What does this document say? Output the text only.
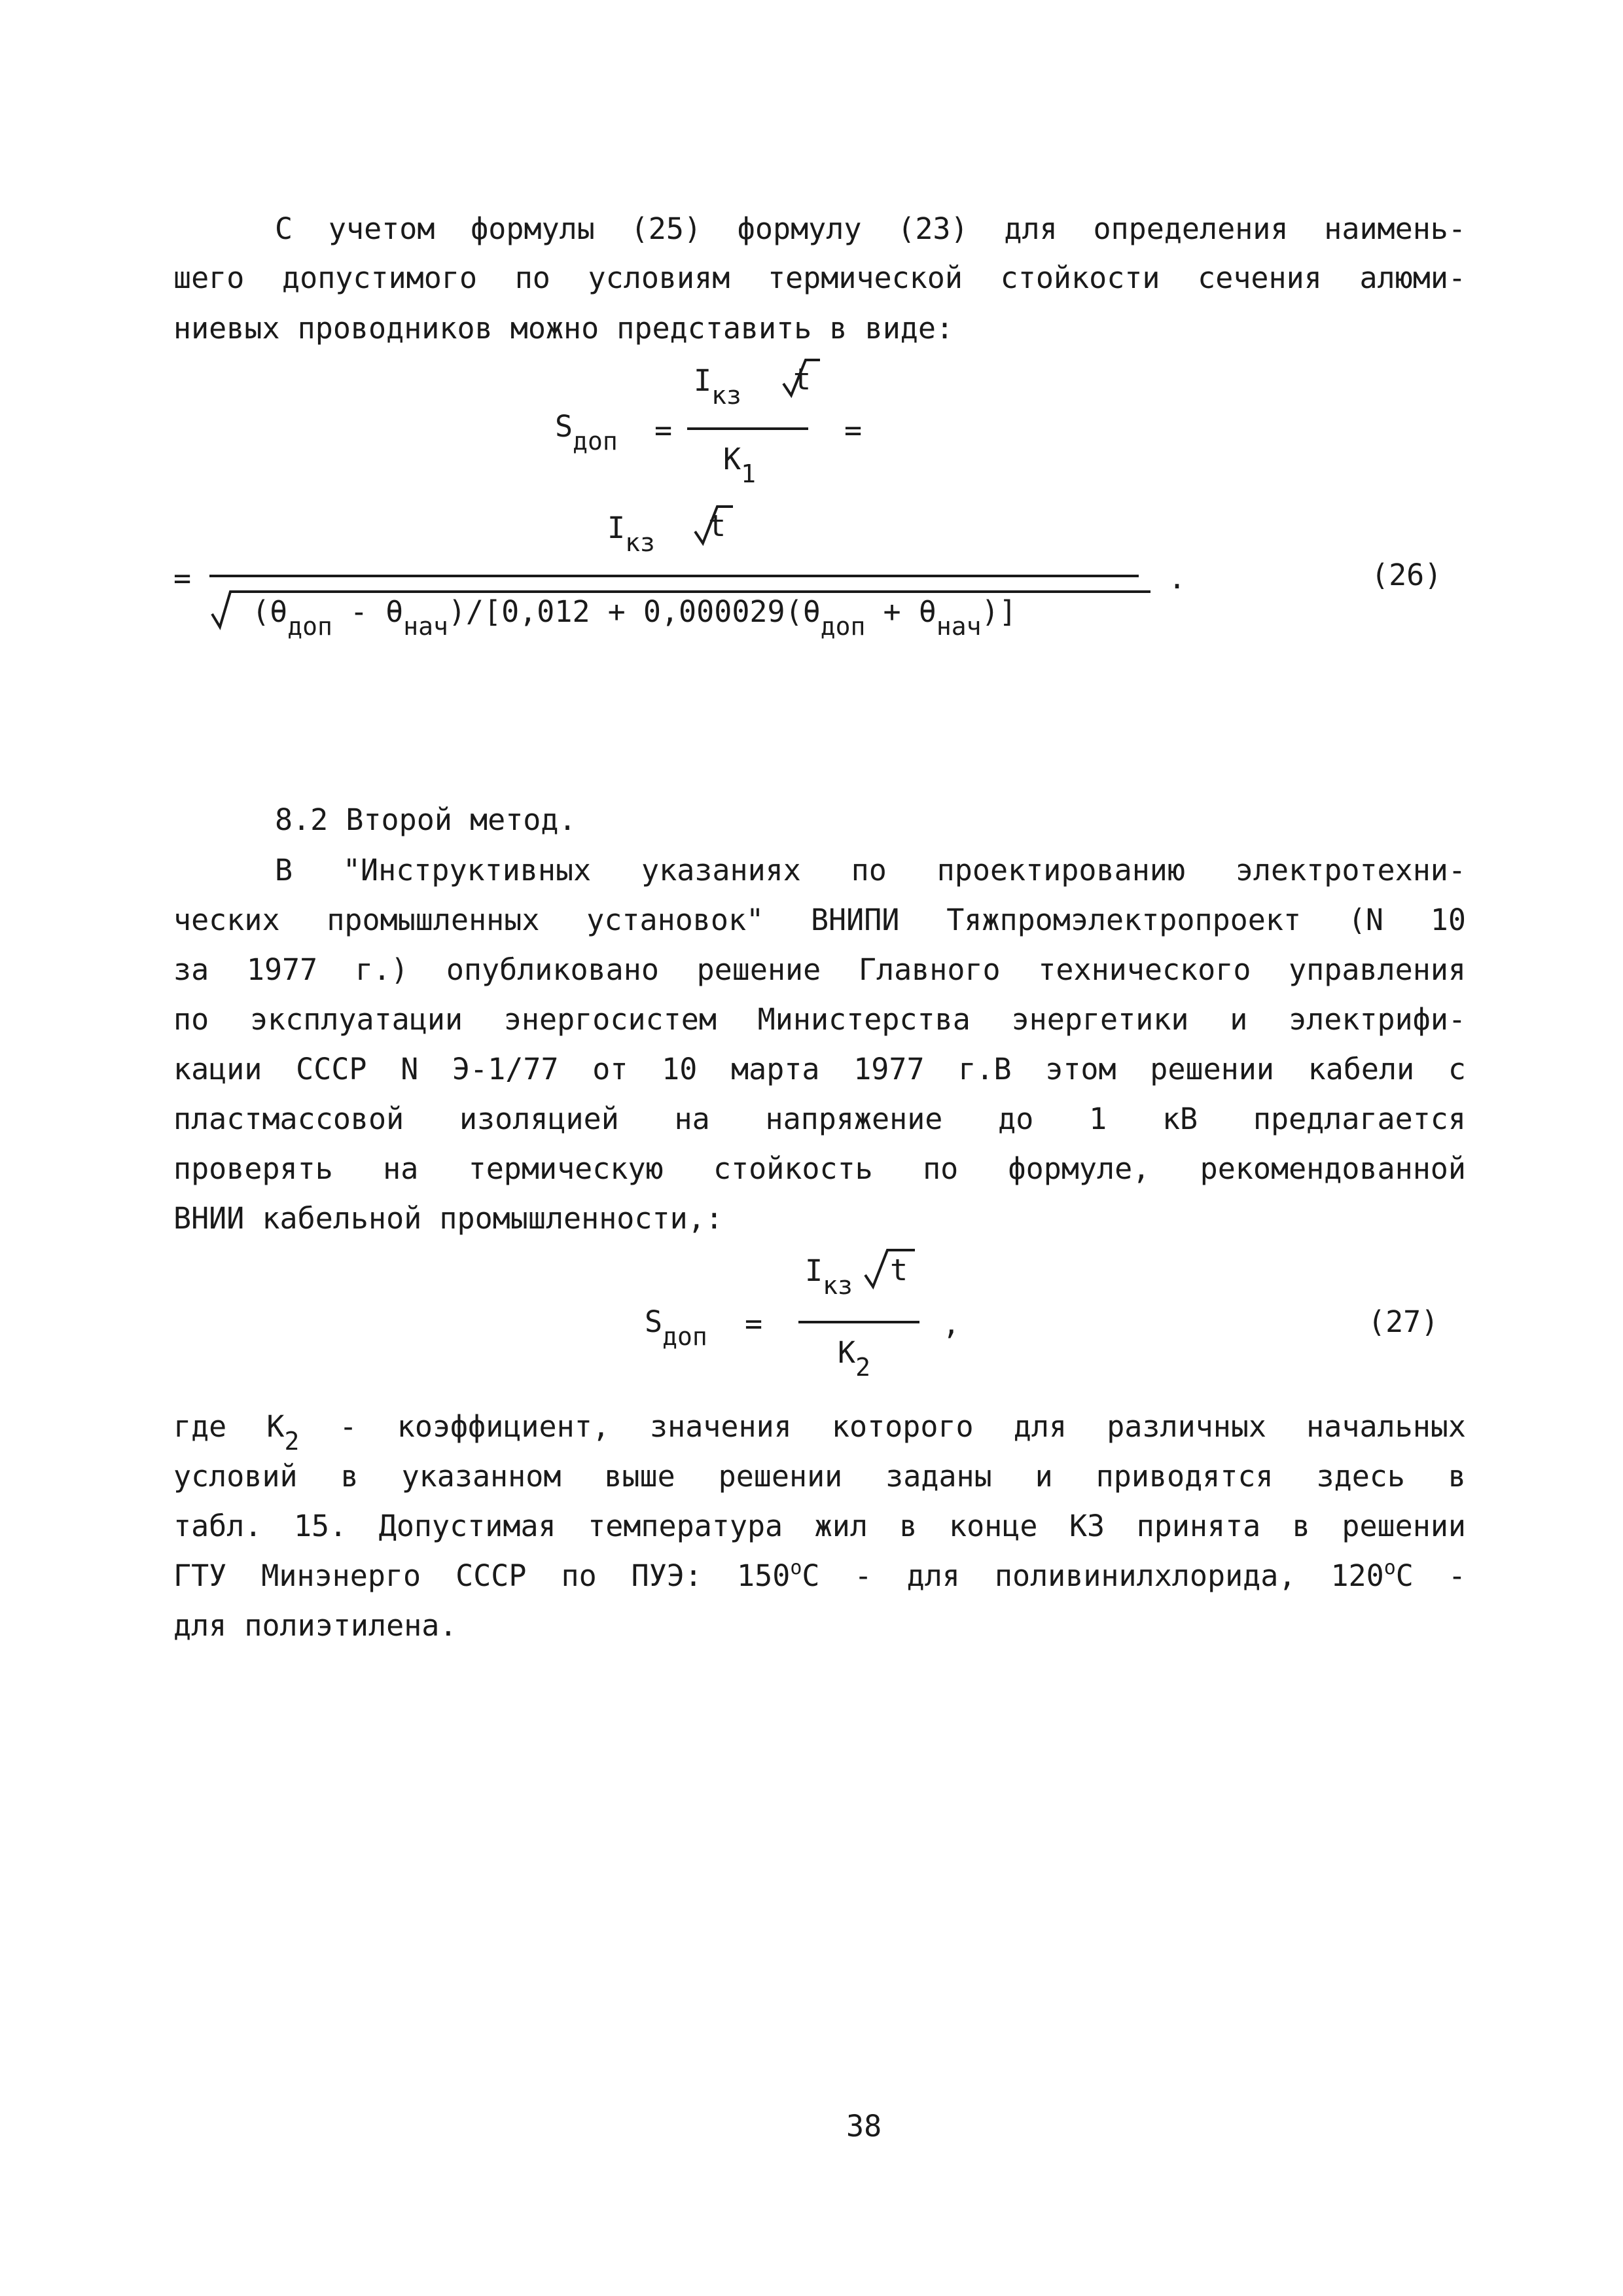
С учетом формулы (25) формулу (23) для определения наимень-
шего допустимого по условиям термической стойкости сечения алюми-
ниевых проводников можно представить в виде:
$S_{доп}$ =
$I_{кз}$ t
$K_1$
=
=
$I_{кз}$ t
$(\theta_{доп} - \theta_{нач})/[0,012 + 0,000029(\theta_{доп} + \theta_{нач})]$
.	(26)
8.2 Второй метод.
В "Инструктивных указаниях по проектированию электротехни-
ческих промышленных установок" ВНИПИ Тяжпромэлектропроект (N 10
за 1977 г.) опубликовано решение Главного технического управления
по эксплуатации энергосистем Министерства энергетики и электрифи-
кации СССР N Э-1/77 от 10 марта 1977 г.В этом решении кабели с
пластмассовой изоляцией на напряжение до 1 кВ предлагается
проверять на термическую стойкость по формуле, рекомендованной
ВНИИ кабельной промышленности,:
$S_{доп}$ =
$I_{кз}$ t
$K_2$
,	(27)
где $K_2$ - коэффициент, значения которого для различных начальных
условий в указанном выше решении заданы и приводятся здесь в
табл. 15. Допустимая температура жил в конце КЗ принята в решении
ГТУ Минэнерго СССР по ПУЭ: $150^оС$ - для поливинилхлорида, $120^оС$ -
для полиэтилена.
38
